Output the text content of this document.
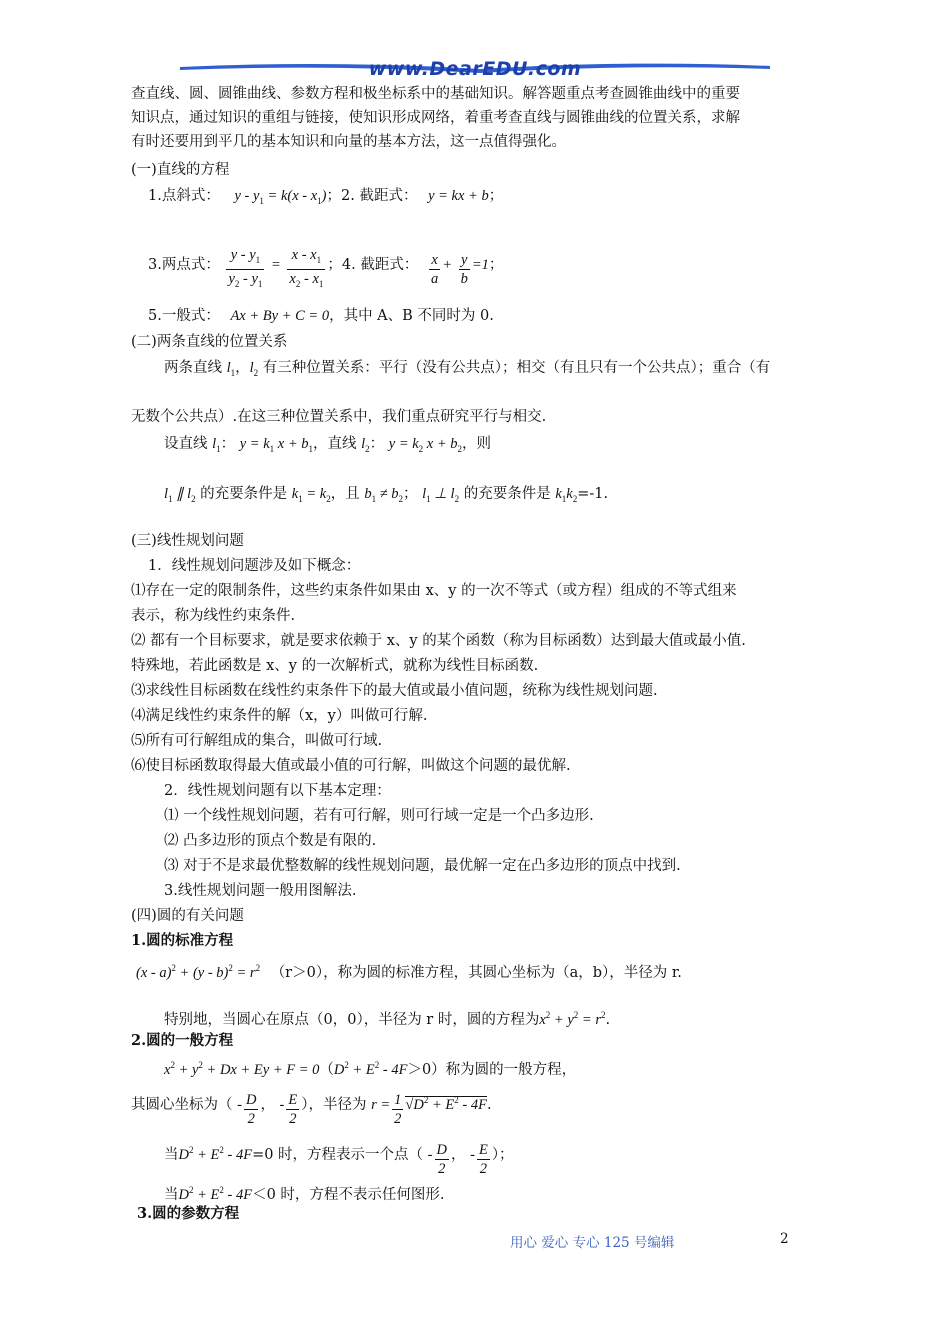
www.DearEDU.com
查直线、圆、圆锥曲线、参数方程和极坐标系中的基础知识。解答题重点考查圆锥曲线中的重要
知识点，通过知识的重组与链接，使知识形成网络，着重考查直线与圆锥曲线的位置关系，求解
有时还要用到平几的基本知识和向量的基本方法，这一点值得强化。
(一)直线的方程
1.点斜式： $y - y_1 = k(x - x_1)$；2. 截距式： y = kx + b；
3.两点式： $\frac{y - y_1}{y_2 - y_1} = \frac{x - x_1}{x_2 - x_1}$ ；4. 截距式： $\frac{x}{a} + \frac{y}{b} =1$；
5.一般式： Ax + By + C = 0，其中 A、B 不同时为 0.
(二)两条直线的位置关系
两条直线 $l_1$，$l_2$ 有三种位置关系：平行（没有公共点）；相交（有且只有一个公共点）；重合（有
无数个公共点）.在这三种位置关系中，我们重点研究平行与相交.
设直线 $l_1$： $y = k_1$ $x + b_1$，直线 $l_2$： $y = k_2$ $x + b_2$，则
$l_1$ ∥ $l_2$ 的充要条件是 $k_1 = k_2$，且 $b_1 \ne b_2$； $l_1$ ⊥ $l_2$ 的充要条件是 $k_1k_2=-1$.
(三)线性规划问题
1．线性规划问题涉及如下概念：
⑴存在一定的限制条件，这些约束条件如果由 x、y 的一次不等式（或方程）组成的不等式组来
表示，称为线性约束条件.
⑵ 都有一个目标要求，就是要求依赖于 x、y 的某个函数（称为目标函数）达到最大值或最小值.
特殊地，若此函数是 x、y 的一次解析式，就称为线性目标函数.
⑶求线性目标函数在线性约束条件下的最大值或最小值问题，统称为线性规划问题.
⑷满足线性约束条件的解（x，y）叫做可行解.
⑸所有可行解组成的集合，叫做可行域.
⑹使目标函数取得最大值或最小值的可行解，叫做这个问题的最优解.
2．线性规划问题有以下基本定理：
⑴ 一个线性规划问题，若有可行解，则可行域一定是一个凸多边形.
⑵ 凸多边形的顶点个数是有限的.
⑶ 对于不是求最优整数解的线性规划问题，最优解一定在凸多边形的顶点中找到.
3.线性规划问题一般用图解法.
(四)圆的有关问题
1.圆的标准方程
$(x - a)^2 + (y - b)^2 = r^2$ （r＞0），称为圆的标准方程，其圆心坐标为（a，b），半径为 r.
特别地，当圆心在原点（0，0），半径为 r 时，圆的方程为$x^2 + y^2 = r^2$.
2.圆的一般方程
$x^2 + y^2 + Dx + Ey + F = 0(D^2 + E^2 - 4F>0)$称为圆的一般方程，
其圆心坐标为（ - $\frac{D}{2}$ ， - $\frac{E}{2}$ ），半径为 $r = \frac{1}{2} √D^2 + E^2 - 4F$.
当$D^2 + E^2 - 4F=0$ 时，方程表示一个点（ - $\frac{D}{2}$ ， - $\frac{E}{2}$ ）；
当$D^2 + E^2 - 4F<0$ 时，方程不表示任何图形.
3.圆的参数方程
用心 爱心 专心 125 号编辑	2
